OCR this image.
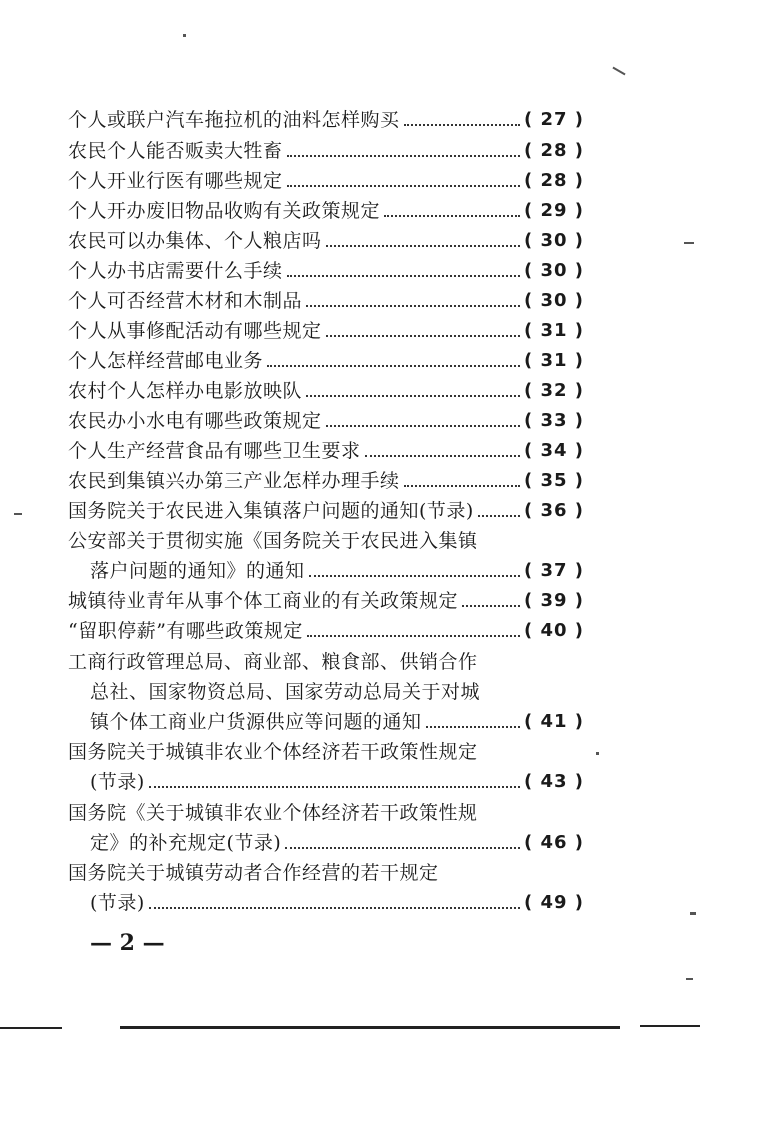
个人或联户汽车拖拉机的油料怎样购买	( 27 )
农民个人能否贩卖大牲畜	( 28 )
个人开业行医有哪些规定	( 28 )
个人开办废旧物品收购有关政策规定	( 29 )
农民可以办集体、个人粮店吗	( 30 )
个人办书店需要什么手续	( 30 )
个人可否经营木材和木制品	( 30 )
个人从事修配活动有哪些规定	( 31 )
个人怎样经营邮电业务	( 31 )
农村个人怎样办电影放映队	( 32 )
农民办小水电有哪些政策规定	( 33 )
个人生产经营食品有哪些卫生要求	( 34 )
农民到集镇兴办第三产业怎样办理手续	( 35 )
国务院关于农民进入集镇落户问题的通知(节录)	( 36 )
公安部关于贯彻实施《国务院关于农民进入集镇
落户问题的通知》的通知	( 37 )
城镇待业青年从事个体工商业的有关政策规定	( 39 )
“留职停薪”有哪些政策规定	( 40 )
工商行政管理总局、商业部、粮食部、供销合作
总社、国家物资总局、国家劳动总局关于对城
镇个体工商业户货源供应等问题的通知	( 41 )
国务院关于城镇非农业个体经济若干政策性规定
(节录)	( 43 )
国务院《关于城镇非农业个体经济若干政策性规
定》的补充规定(节录)	( 46 )
国务院关于城镇劳动者合作经营的若干规定
(节录)	( 49 )
— 2 —
